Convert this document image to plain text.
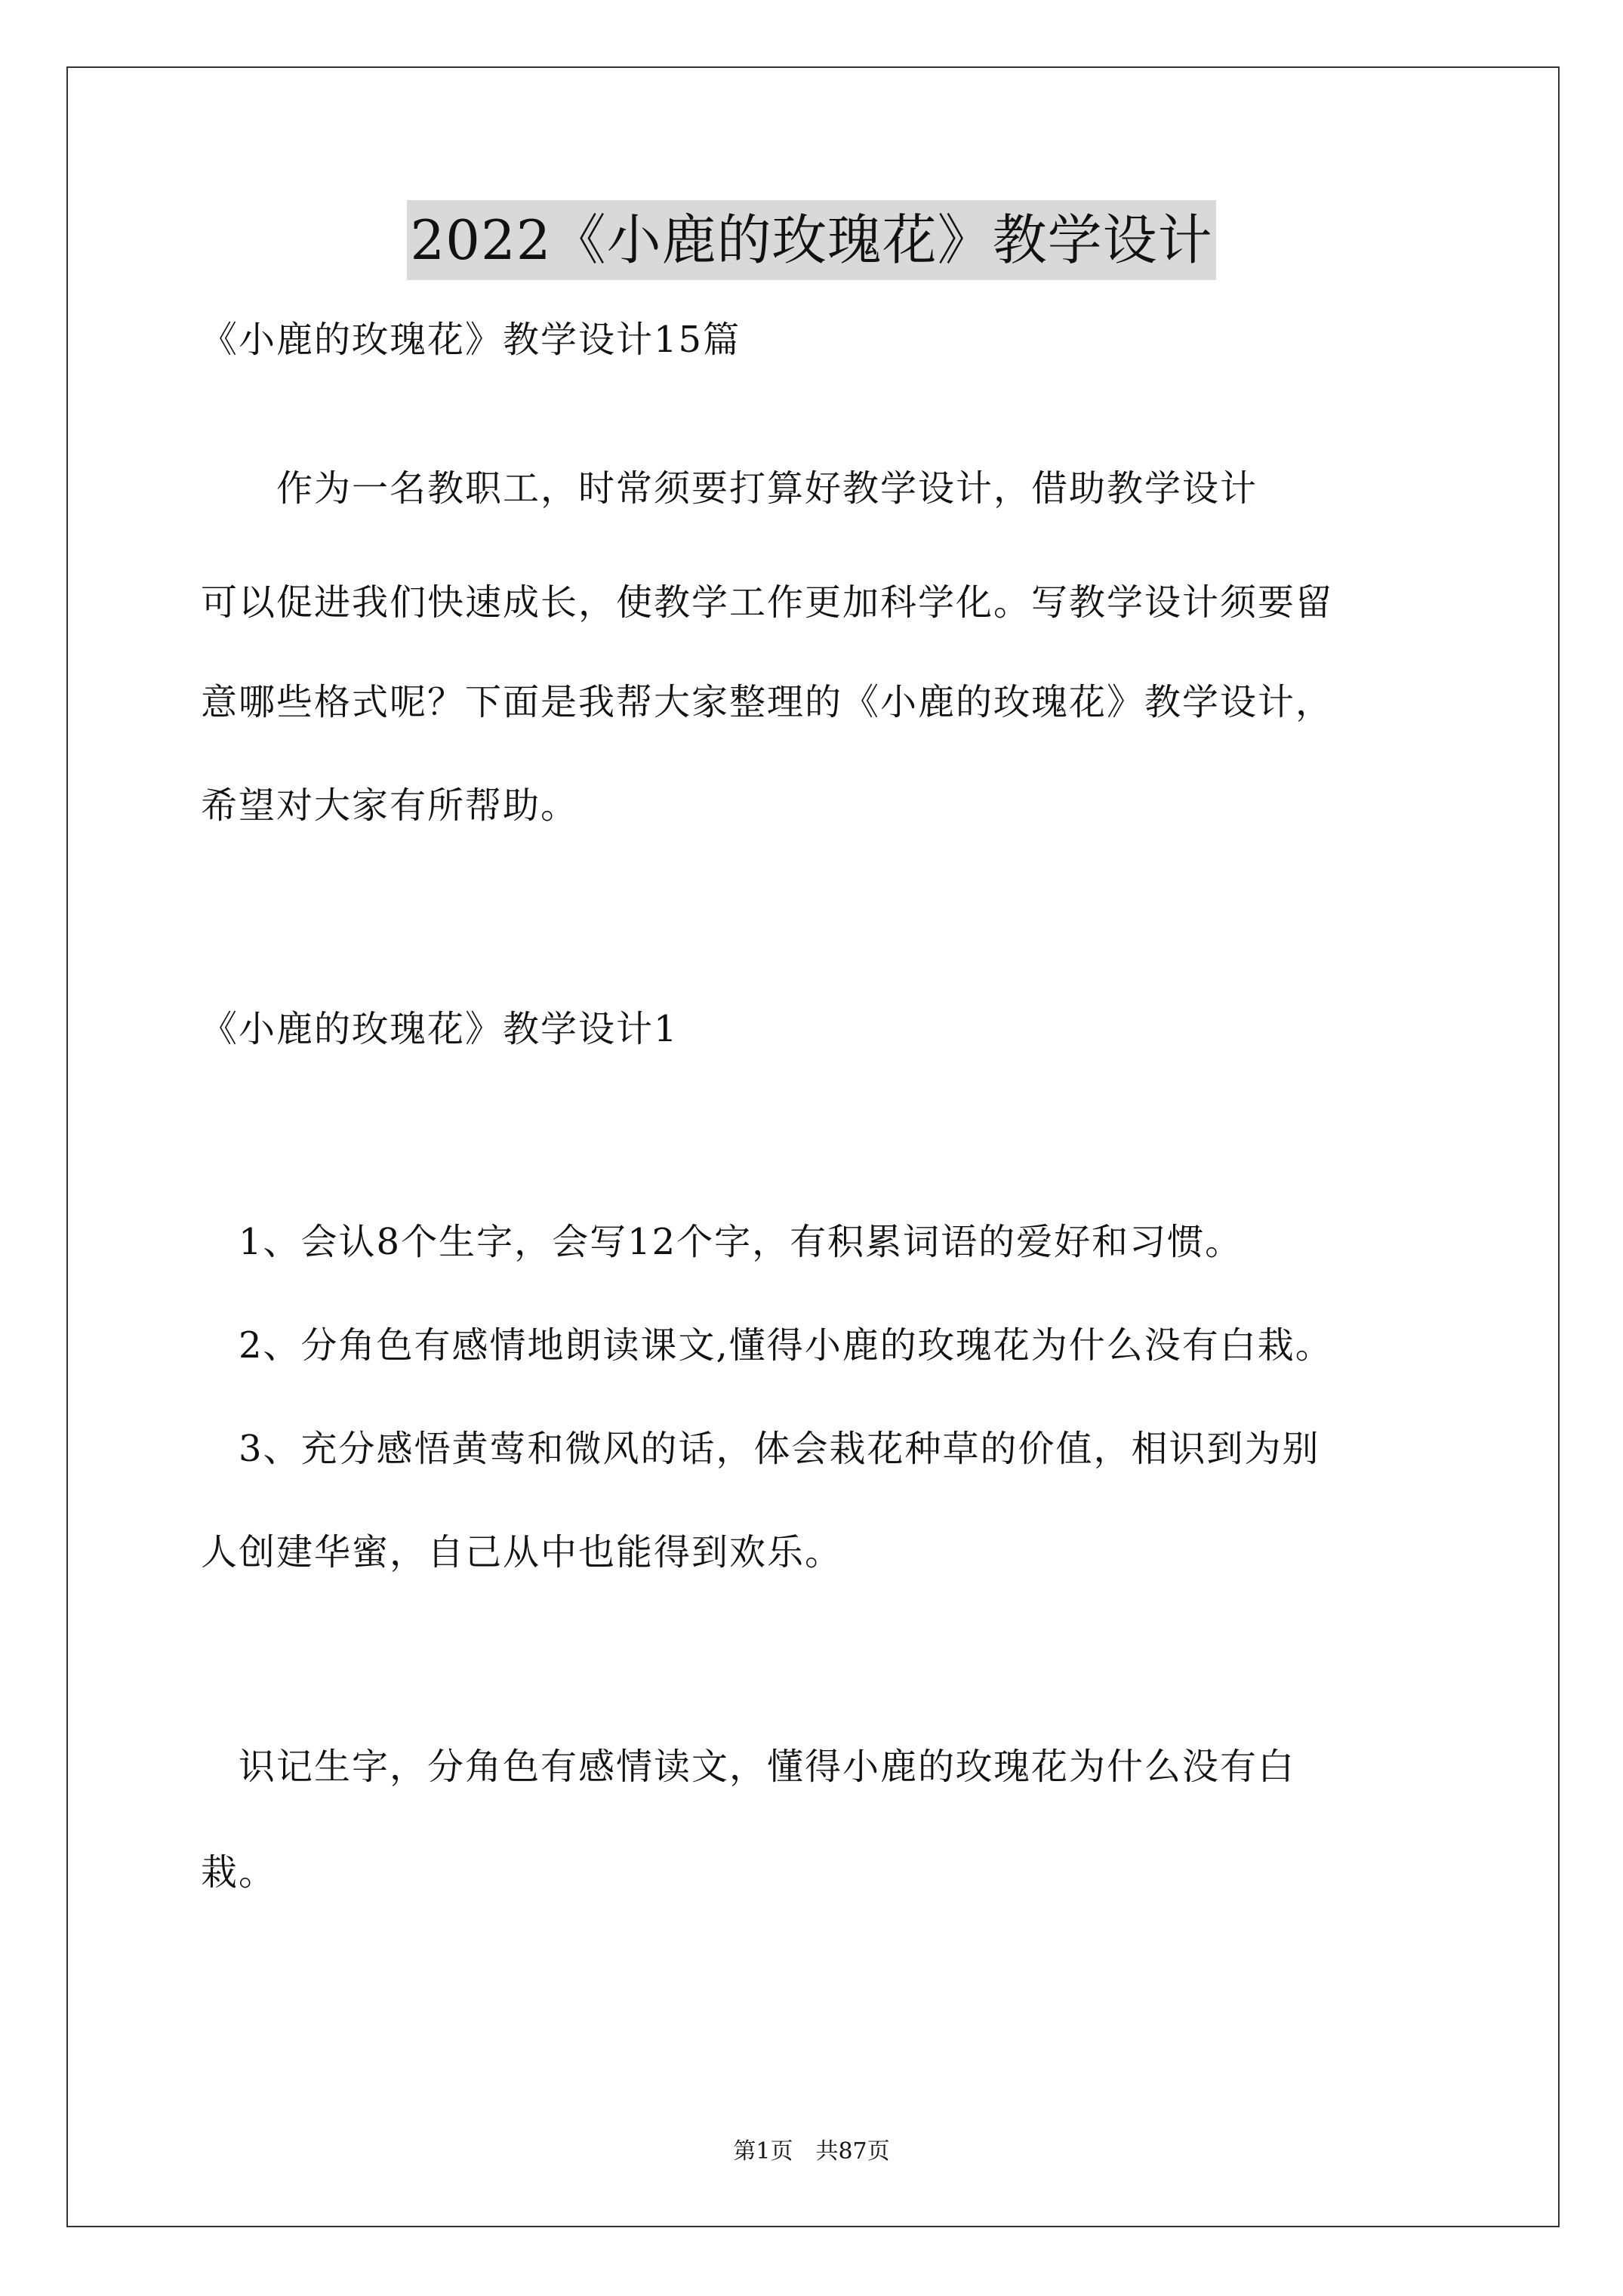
2022《小鹿的玫瑰花》教学设计
《小鹿的玫瑰花》教学设计15篇
　　作为一名教职工，时常须要打算好教学设计，借助教学设计
可以促进我们快速成长，使教学工作更加科学化。写教学设计须要留
意哪些格式呢？下面是我帮大家整理的《小鹿的玫瑰花》教学设计，
希望对大家有所帮助。
《小鹿的玫瑰花》教学设计1
　1、会认8个生字，会写12个字，有积累词语的爱好和习惯。
　2、分角色有感情地朗读课文,懂得小鹿的玫瑰花为什么没有白栽。
　3、充分感悟黄莺和微风的话，体会栽花种草的价值，相识到为别
人创建华蜜，自己从中也能得到欢乐。
　识记生字，分角色有感情读文，懂得小鹿的玫瑰花为什么没有白
栽。
第1页　共87页
